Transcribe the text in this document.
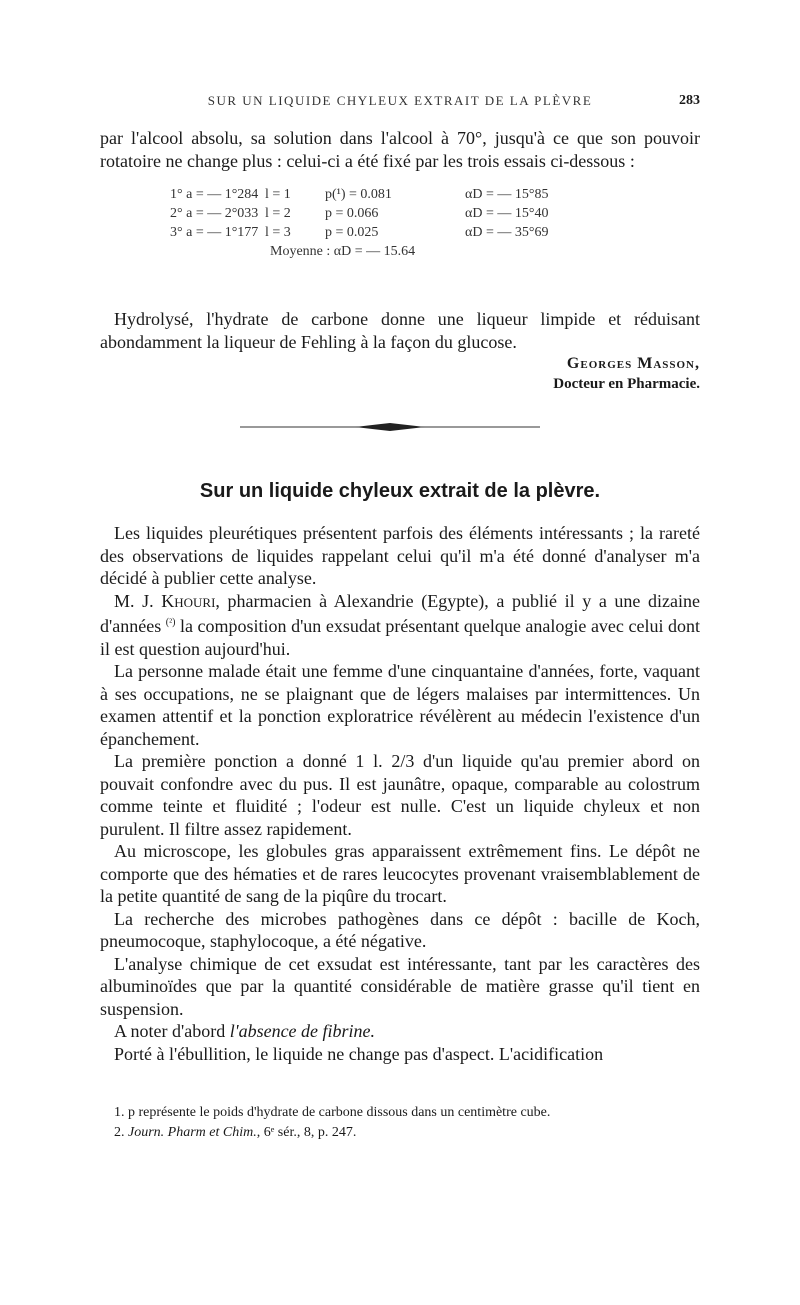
SUR UN LIQUIDE CHYLEUX EXTRAIT DE LA PLÈVRE	283

par l'alcool absolu, sa solution dans l'alcool à 70°, jusqu'à ce que son pouvoir rotatoire ne change plus : celui-ci a été fixé par les trois essais ci-dessous :

1° a = — 1°284 l = 1 p(¹) = 0.081	αD = — 15°85
2° a = — 2°033 l = 2 p = 0.066	αD = — 15°40
3° a = — 1°177 l = 3 p = 0.025	αD = — 35°69
Moyenne : αD = — 15.64

Hydrolysé, l'hydrate de carbone donne une liqueur limpide et réduisant abondamment la liqueur de Fehling à la façon du glucose.

Georges Masson,
Docteur en Pharmacie.
Sur un liquide chyleux extrait de la plèvre.

Les liquides pleurétiques présentent parfois des éléments intéressants ; la rareté des observations de liquides rappelant celui qu'il m'a été donné d'analyser m'a décidé à publier cette analyse.

M. J. Khouri, pharmacien à Alexandrie (Egypte), a publié il y a une dizaine d'années $^{(^2)}$ la composition d'un exsudat présentant quelque analogie avec celui dont il est question aujourd'hui.

La personne malade était une femme d'une cinquantaine d'années, forte, vaquant à ses occupations, ne se plaignant que de légers malaises par intermittences. Un examen attentif et la ponction exploratrice révélèrent au médecin l'existence d'un épanchement.

La première ponction a donné 1 l. 2/3 d'un liquide qu'au premier abord on pouvait confondre avec du pus. Il est jaunâtre, opaque, comparable au colostrum comme teinte et fluidité ; l'odeur est nulle. C'est un liquide chyleux et non purulent. Il filtre assez rapidement.

Au microscope, les globules gras apparaissent extrêmement fins. Le dépôt ne comporte que des hématies et de rares leucocytes provenant vraisemblablement de la petite quantité de sang de la piqûre du trocart.

La recherche des microbes pathogènes dans ce dépôt : bacille de Koch, pneumocoque, staphylocoque, a été négative.

L'analyse chimique de cet exsudat est intéressante, tant par les caractères des albuminoïdes que par la quantité considérable de matière grasse qu'il tient en suspension.

A noter d'abord l'absence de fibrine.

Porté à l'ébullition, le liquide ne change pas d'aspect. L'acidification

1. p représente le poids d'hydrate de carbone dissous dans un centimètre cube.

2. Journ. Pharm et Chim., 6ᵉ sér., 8, p. 247.
